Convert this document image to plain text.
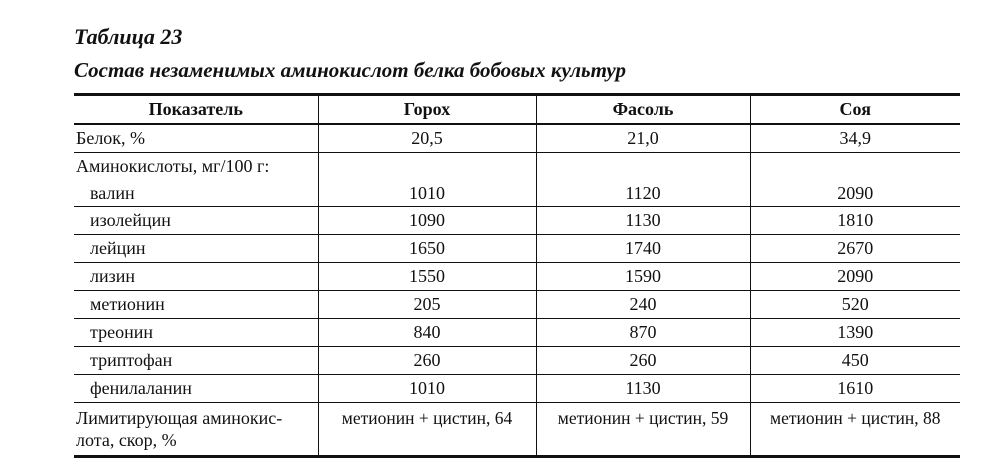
Таблица 23
Состав незаменимых аминокислот белка бобовых культур
Показатель	Горох	Фасоль	Соя
Белок, %	20,5	21,0	34,9
Аминокислоты, мг/100 г:			
валин	1010	1120	2090
изолейцин	1090	1130	1810
лейцин	1650	1740	2670
лизин	1550	1590	2090
метионин	205	240	520
треонин	840	870	1390
триптофан	260	260	450
фенилаланин	1010	1130	1610

Лимитирующая аминокис-
лота, скор, %	метионин + цистин, 64	метионин + цистин, 59	метионин + цистин, 88
